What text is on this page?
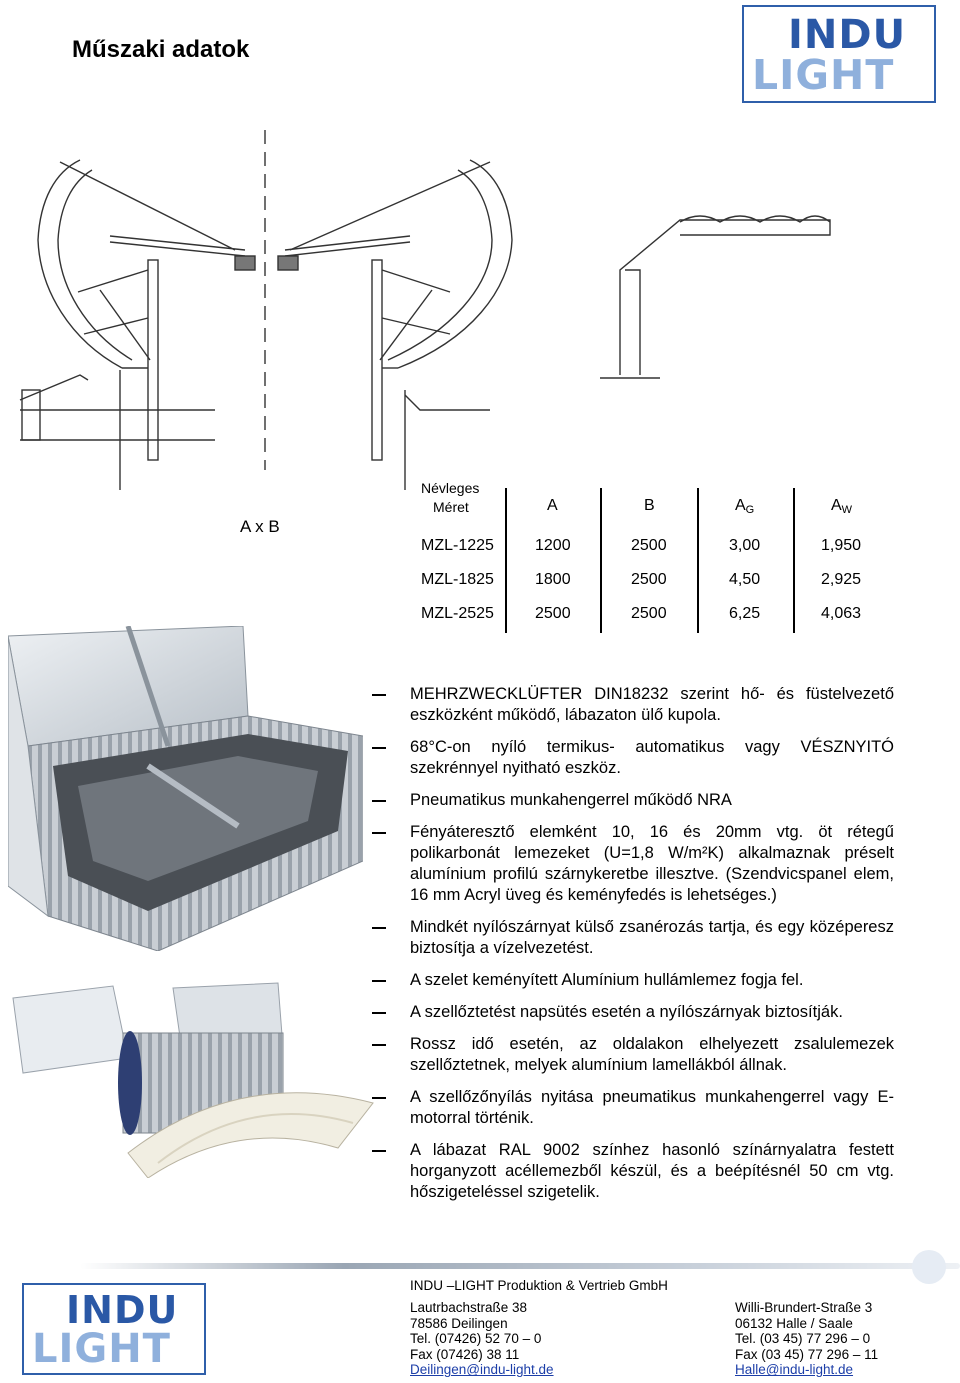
Műszaki adatok	INDU
LIGHT
A x B
Névleges
Méret	A	B	$A_G$	$A_W$
MZL-1225	1200	2500	3,00	1,950
MZL-1825	1800	2500	4,50	2,925
MZL-2525	2500	2500	6,25	4,063
MEHRZWECKLÜFTER DIN18232 szerint hő- és füstelvezető eszközként működő, lábazaton ülő kupola.
68°C-on nyíló termikus- automatikus vagy VÉSZNYITÓ szekrénnyel nyitható eszköz.
Pneumatikus munkahengerrel működő NRA
Fényáteresztő elemként 10, 16 és 20mm vtg. öt rétegű polikarbonát lemezeket (U=1,8 W/m²K) alkalmaznak préselt alumínium profilú szárnykeretbe illesztve. (Szendvicspanel elem, 16 mm Acryl üveg és keményfedés is lehetséges.)
Mindkét nyílószárnyat külső zsanérozás tartja, és egy középeresz biztosítja a vízelvezetést.
A szelet keményített Alumínium hullámlemez fogja fel.
A szellőztetést napsütés esetén a nyílószárnyak biztosítják.
Rossz idő esetén, az oldalakon elhelyezett zsalulemezek szellőztetnek, melyek alumínium lamellákból állnak.
A szellőzőnyílás nyitása pneumatikus munkahengerrel vagy E- motorral történik.
A lábazat RAL 9002 színhez hasonló színárnyalatra festett horganyzott acéllemezből készül, és a beépítésnél 50 cm vtg. hőszigeteléssel szigetelik.
INDU
LIGHT
INDU –LIGHT Produktion & Vertrieb GmbH
Lautrbachstraße 38
78586 Deilingen
Tel. (07426) 52 70 – 0
Fax (07426) 38 11
Deilingen@indu-light.de
Willi-Brundert-Straße 3
06132 Halle / Saale
Tel. (03 45) 77 296 – 0
Fax (03 45) 77 296 – 11
Halle@indu-light.de
